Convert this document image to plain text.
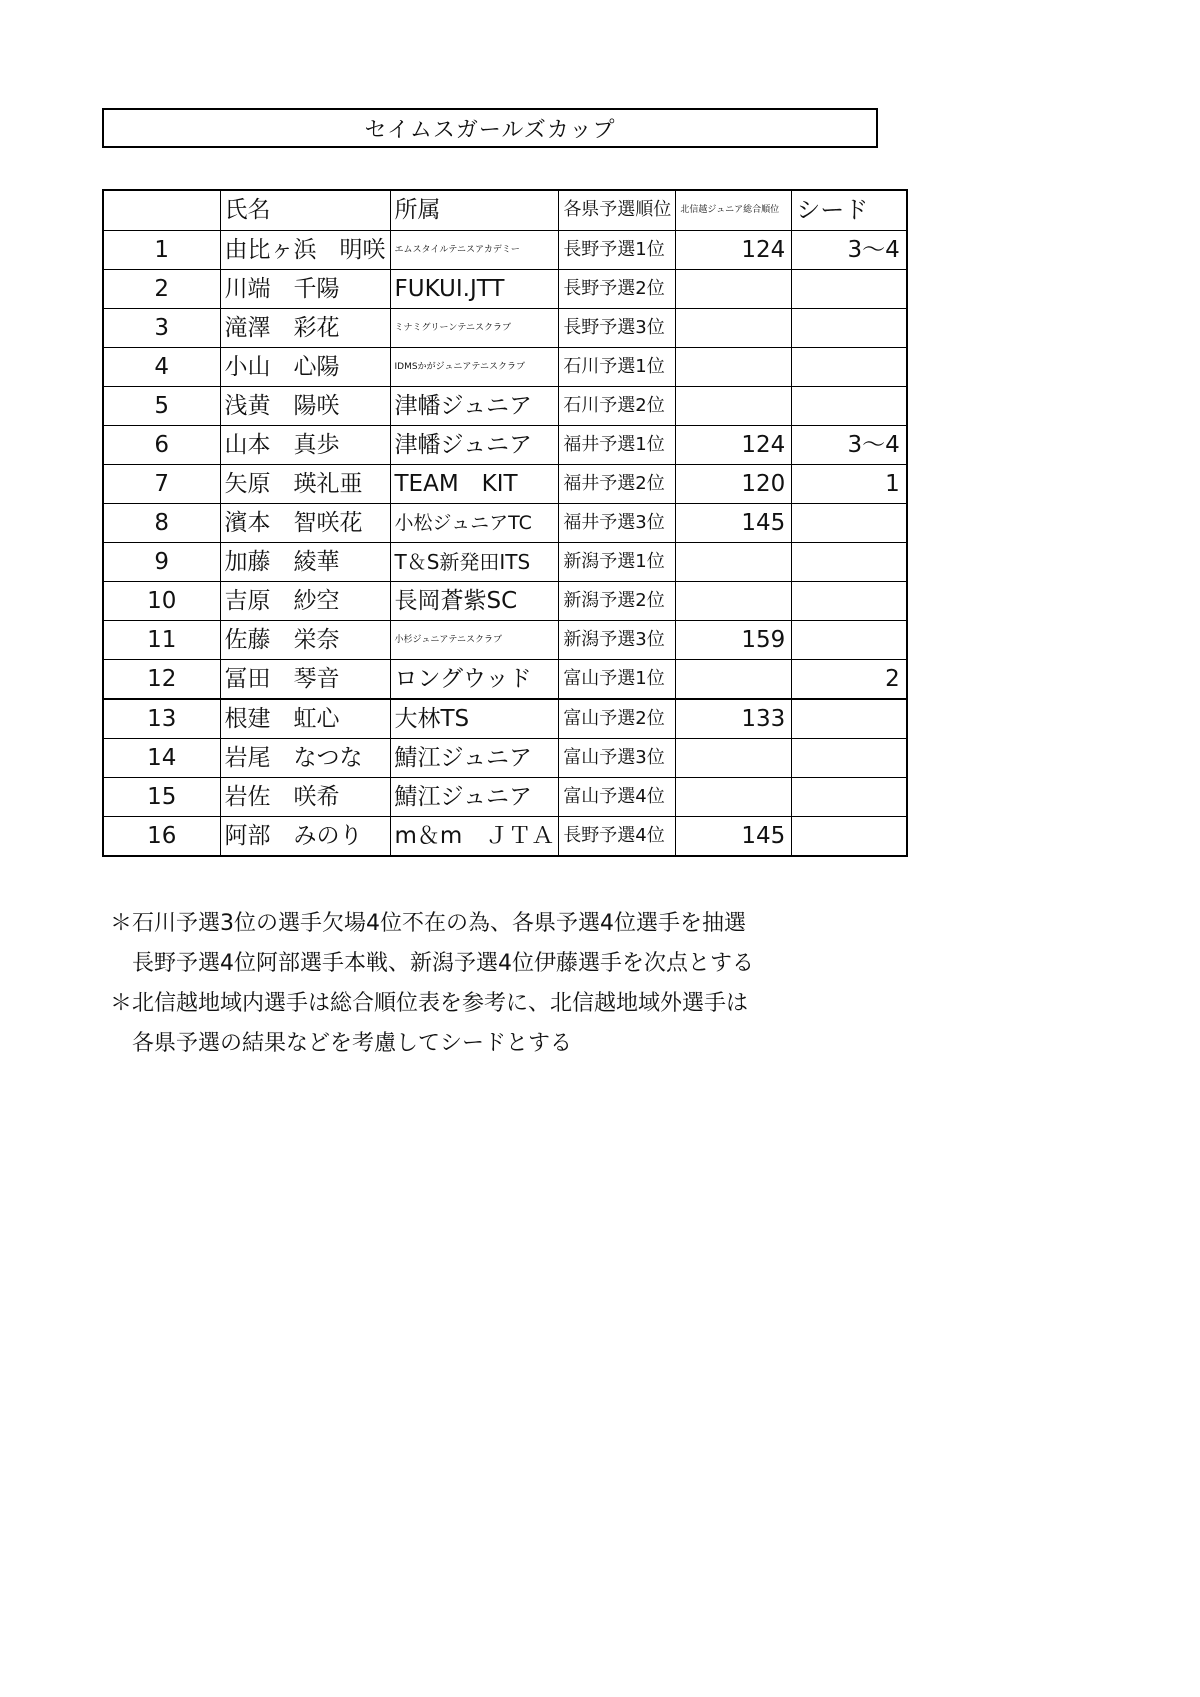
セイムスガールズカップ
	氏名	所属	各県予選順位	北信越ジュニア総合順位	シード
1	由比ヶ浜　明咲	エムスタイルテニスアカデミー	長野予選1位	124	3〜4
2	川端　千陽	FUKUI.JTT	長野予選2位		
3	滝澤　彩花	ミナミグリーンテニスクラブ	長野予選3位		
4	小山　心陽	IDMSかがジュニアテニスクラブ	石川予選1位		
5	浅黄　陽咲	津幡ジュニア	石川予選2位		
6	山本　真歩	津幡ジュニア	福井予選1位	124	3〜4
7	矢原　瑛礼亜	TEAM　KIT	福井予選2位	120	1
8	濱本　智咲花	小松ジュニアTC	福井予選3位	145	
9	加藤　綾華	T＆S新発田ITS	新潟予選1位		
10	吉原　紗空	長岡蒼紫SC	新潟予選2位		
11	佐藤　栄奈	小杉ジュニアテニスクラブ	新潟予選3位	159	
12	冨田　琴音	ロングウッド	富山予選1位		2
13	根建　虹心	大林TS	富山予選2位	133	
14	岩尾　なつな	鯖江ジュニア	富山予選3位		
15	岩佐　咲希	鯖江ジュニア	富山予選4位		
16	阿部　みのり	m＆m　ＪＴＡ	長野予選4位	145	
＊石川予選3位の選手欠場4位不在の為、各県予選4位選手を抽選
長野予選4位阿部選手本戦、新潟予選4位伊藤選手を次点とする
＊北信越地域内選手は総合順位表を参考に、北信越地域外選手は
各県予選の結果などを考慮してシードとする
